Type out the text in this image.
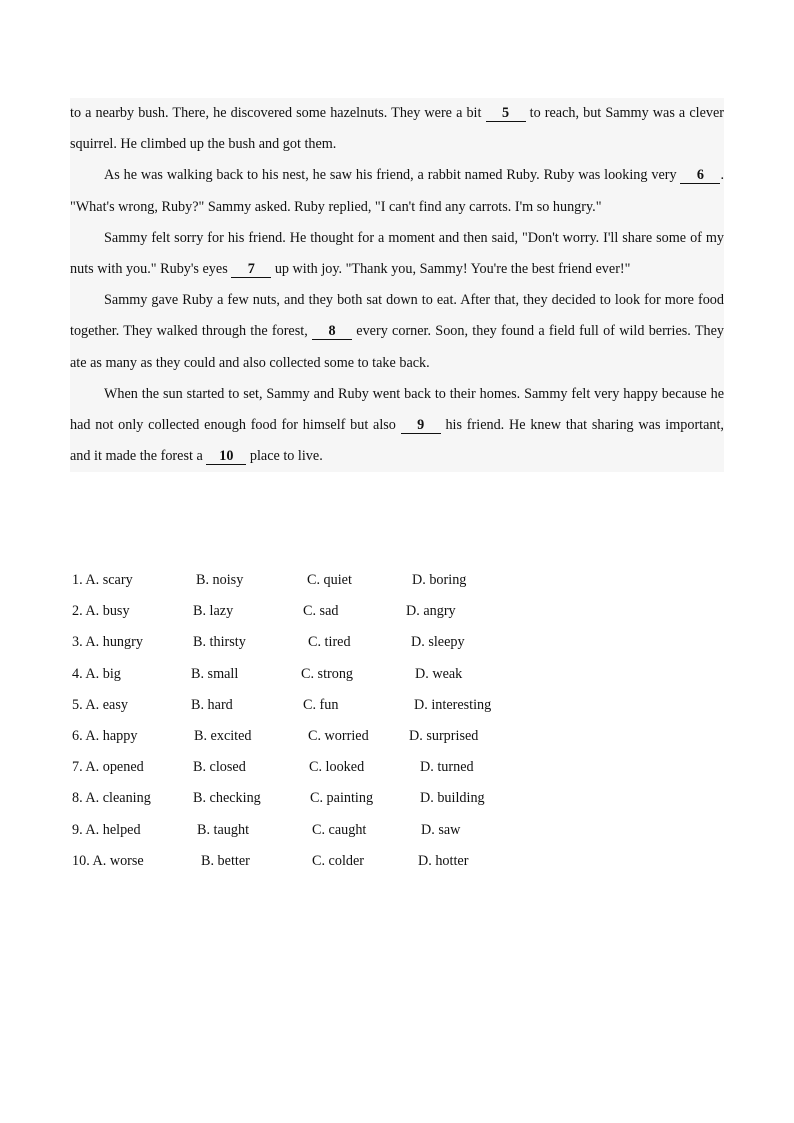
to a nearby bush. There, he discovered some hazelnuts. They were a bit 5 to reach, but Sammy was a clever squirrel. He climbed up the bush and got them.

As he was walking back to his nest, he saw his friend, a rabbit named Ruby. Ruby was looking very 6 . "What's wrong, Ruby?" Sammy asked. Ruby replied, "I can't find any carrots. I'm so hungry."

Sammy felt sorry for his friend. He thought for a moment and then said, "Don't worry. I'll share some of my nuts with you." Ruby's eyes 7 up with joy. "Thank you, Sammy! You're the best friend ever!"

Sammy gave Ruby a few nuts, and they both sat down to eat. After that, they decided to look for more food together. They walked through the forest, 8 every corner. Soon, they found a field full of wild berries. They ate as many as they could and also collected some to take back.

When the sun started to set, Sammy and Ruby went back to their homes. Sammy felt very happy because he had not only collected enough food for himself but also 9 his friend. He knew that sharing was important, and it made the forest a 10 place to live.

1. A. scary	B. noisy	C. quiet	D. boring
2. A. busy	B. lazy	C. sad	D. angry
3. A. hungry	B. thirsty	C. tired	D. sleepy
4. A. big	B. small	C. strong	D. weak
5. A. easy	B. hard	C. fun	D. interesting
6. A. happy	B. excited	C. worried	D. surprised
7. A. opened	B. closed	C. looked	D. turned
8. A. cleaning	B. checking	C. painting	D. building
9. A. helped	B. taught	C. caught	D. saw
10. A. worse	B. better	C. colder	D. hotter
